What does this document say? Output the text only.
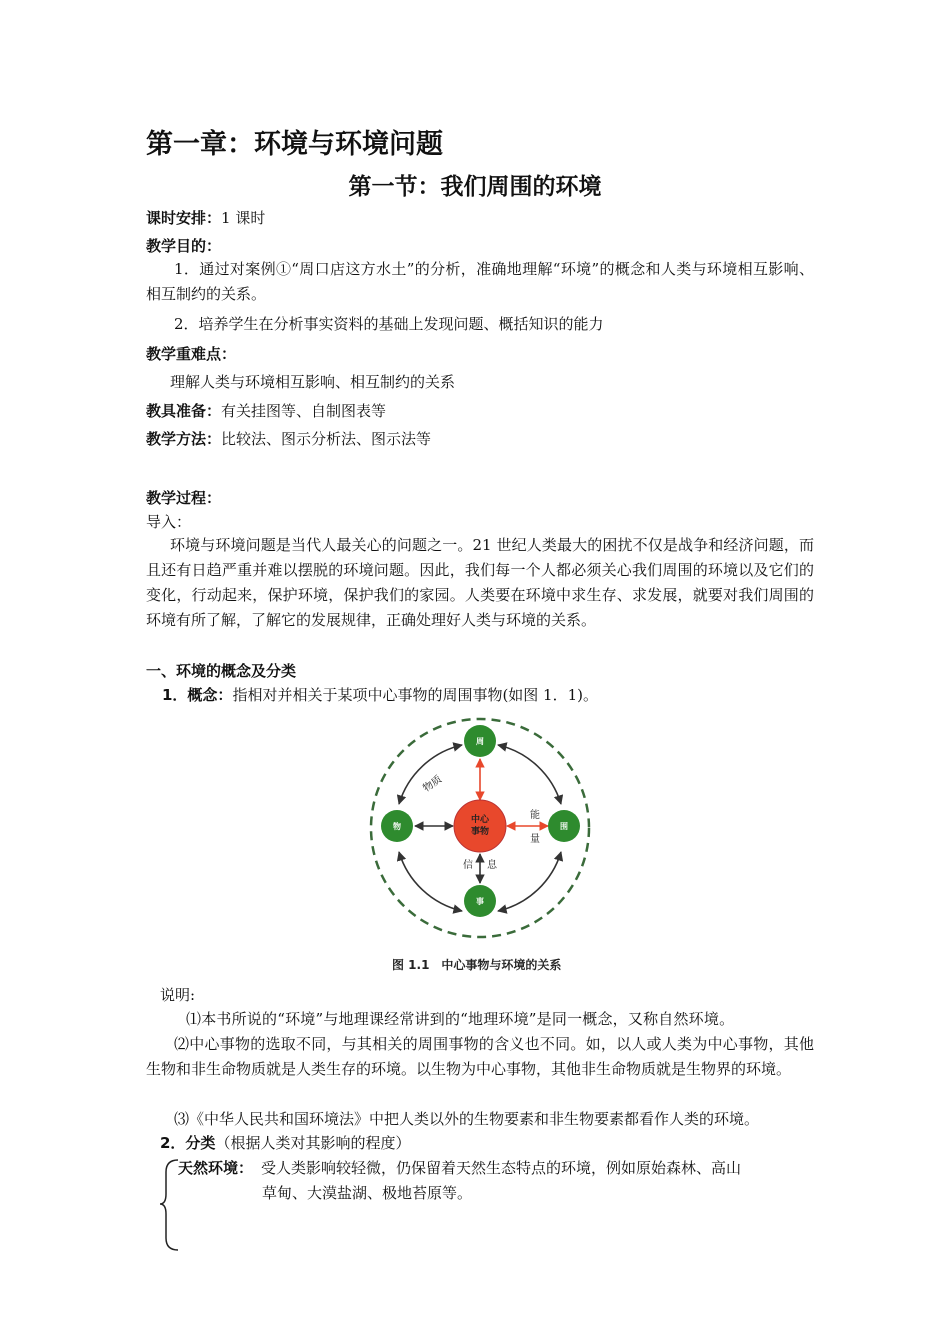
第一章：环境与环境问题
第一节：我们周围的环境
课时安排：1 课时
教学目的：
1．通过对案例①“周口店这方水土”的分析，准确地理解“环境”的概念和人类与环境相互影响、相互制约的关系。
2．培养学生在分析事实资料的基础上发现问题、概括知识的能力
教学重难点：
理解人类与环境相互影响、相互制约的关系
教具准备：有关挂图等、自制图表等
教学方法：比较法、图示分析法、图示法等
教学过程：
导入：
环境与环境问题是当代人最关心的问题之一。21 世纪人类最大的困扰不仅是战争和经济问题，而且还有日趋严重并难以摆脱的环境问题。因此，我们每一个人都必须关心我们周围的环境以及它们的变化，行动起来，保护环境，保护我们的家园。人类要在环境中求生存、求发展，就要对我们周围的环境有所了解，了解它的发展规律，正确处理好人类与环境的关系。
一、环境的概念及分类
1．概念：指相对并相关于某项中心事物的周围事物(如图 1．1)。
中心
事物
周
物	围
事
物质
能
量
信 息
图 1.1　中心事物与环境的关系
说明:
⑴本书所说的“环境”与地理课经常讲到的“地理环境”是同一概念，又称自然环境。
⑵中心事物的选取不同，与其相关的周围事物的含义也不同。如，以人或人类为中心事物，其他生物和非生命物质就是人类生存的环境。以生物为中心事物，其他非生命物质就是生物界的环境。
⑶《中华人民共和国环境法》中把人类以外的生物要素和非生物要素都看作人类的环境。
2．分类（根据人类对其影响的程度）
天然环境： 受人类影响较轻微，仍保留着天然生态特点的环境，例如原始森林、高山
草甸、大漠盐湖、极地苔原等。
